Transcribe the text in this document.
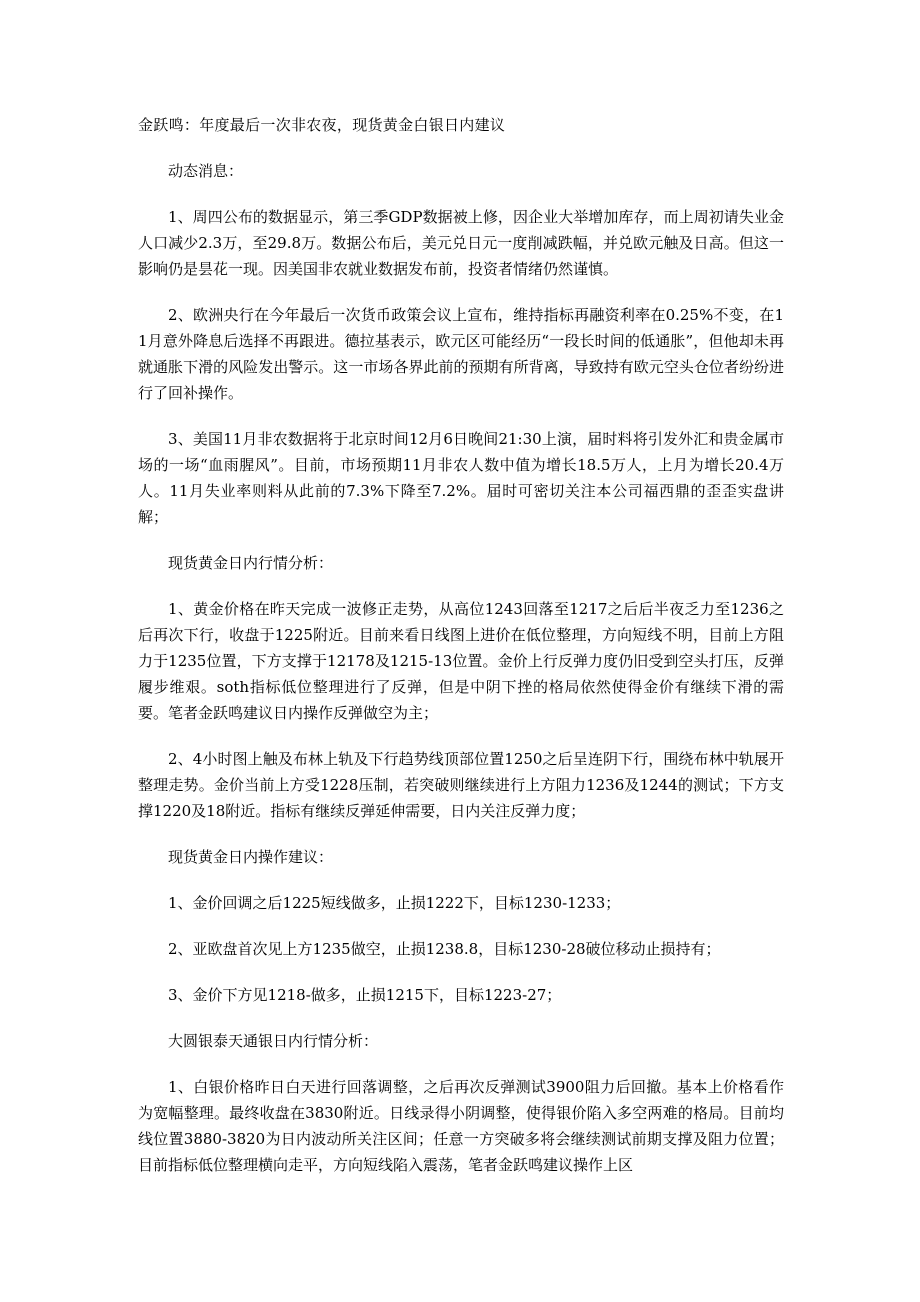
金跃鸣：年度最后一次非农夜，现货黄金白银日内建议

动态消息：

1、周四公布的数据显示，第三季GDP数据被上修，因企业大举增加库存，而上周初请失业金人口减少2.3万，至29.8万。数据公布后，美元兑日元一度削减跌幅，并兑欧元触及日高。但这一影响仍是昙花一现。因美国非农就业数据发布前，投资者情绪仍然谨慎。

2、欧洲央行在今年最后一次货币政策会议上宣布，维持指标再融资利率在0.25%不变，在11月意外降息后选择不再跟进。德拉基表示，欧元区可能经历“一段长时间的低通胀”，但他却未再就通胀下滑的风险发出警示。这一市场各界此前的预期有所背离，导致持有欧元空头仓位者纷纷进行了回补操作。

3、美国11月非农数据将于北京时间12月6日晚间21:30上演，届时料将引发外汇和贵金属市场的一场“血雨腥风”。目前，市场预期11月非农人数中值为增长18.5万人，上月为增长20.4万人。11月失业率则料从此前的7.3%下降至7.2%。届时可密切关注本公司福西鼎的歪歪实盘讲解；

现货黄金日内行情分析：

1、黄金价格在昨天完成一波修正走势，从高位1243回落至1217之后后半夜乏力至1236之后再次下行，收盘于1225附近。目前来看日线图上进价在低位整理，方向短线不明，目前上方阻力于1235位置，下方支撑于12178及1215-13位置。金价上行反弹力度仍旧受到空头打压，反弹履步维艰。soth指标低位整理进行了反弹，但是中阴下挫的格局依然使得金价有继续下滑的需要。笔者金跃鸣建议日内操作反弹做空为主；

2、4小时图上触及布林上轨及下行趋势线顶部位置1250之后呈连阴下行，围绕布林中轨展开整理走势。金价当前上方受1228压制，若突破则继续进行上方阻力1236及1244的测试；下方支撑1220及18附近。指标有继续反弹延伸需要，日内关注反弹力度；

现货黄金日内操作建议：

1、金价回调之后1225短线做多，止损1222下，目标1230-1233；

2、亚欧盘首次见上方1235做空，止损1238.8，目标1230-28破位移动止损持有；

3、金价下方见1218-做多，止损1215下，目标1223-27；

大圆银泰天通银日内行情分析：

1、白银价格昨日白天进行回落调整，之后再次反弹测试3900阻力后回撤。基本上价格看作为宽幅整理。最终收盘在3830附近。日线录得小阴调整，使得银价陷入多空两难的格局。目前均线位置3880-3820为日内波动所关注区间；任意一方突破多将会继续测试前期支撑及阻力位置；目前指标低位整理横向走平，方向短线陷入震荡，笔者金跃鸣建议操作上区
